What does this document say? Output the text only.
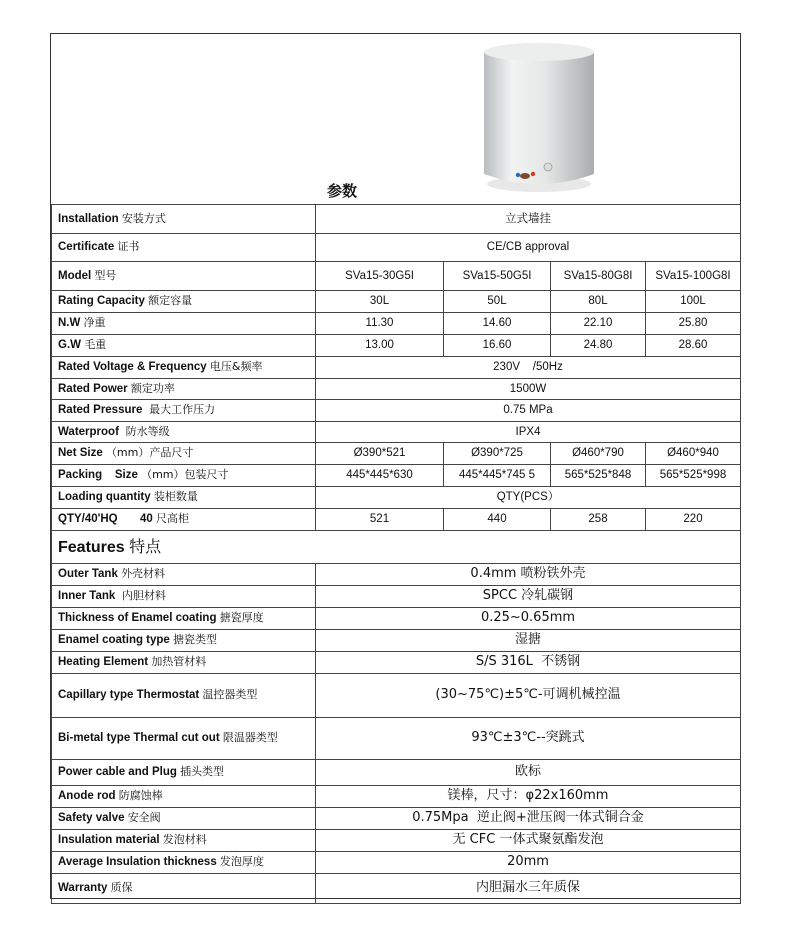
参数
Installation 安装方式	立式墙挂			
Certificate 证书	CE/CB approval			
Model 型号	SVa15-30G5I	SVa15-50G5I	SVa15-80G8I	SVa15-100G8I
Rating Capacity 额定容量	30L	50L	80L	100L
N.W 净重	11.30	14.60	22.10	25.80
G.W 毛重	13.00	16.60	24.80	28.60
Rated Voltage & Frequency 电压&频率	230V    /50Hz			
Rated Power 额定功率	1500W			
Rated Pressure  最大工作压力	0.75 MPa			
Waterproof  防水等级	IPX4			
Net Size （mm）产品尺寸	Ø390*521	Ø390*725	Ø460*790	Ø460*940
Packing    Size （mm）包装尺寸	445*445*630	445*445*745 5	565*525*848	565*525*998
Loading quantity 装柜数量	QTY(PCS）			
QTY/40'HQ       40 尺高柜	521	440	258	220
Features 特点				
Outer Tank 外壳材料	0.4mm 喷粉铁外壳			
Inner Tank  内胆材料	SPCC 冷轧碳钢			
Thickness of Enamel coating 搪瓷厚度	0.25~0.65mm			
Enamel coating type 搪瓷类型	湿搪			
Heating Element 加热管材料	S/S 316L  不锈钢			
Capillary type Thermostat 温控器类型	(30~75℃)±5℃-可调机械控温			
Bi-metal type Thermal cut out 限温器类型	93℃±3℃--突跳式			
Power cable and Plug 插头类型	欧标			
Anode rod 防腐蚀棒	镁棒，尺寸：φ22x160mm			
Safety valve 安全阀	0.75Mpa  逆止阀+泄压阀一体式铜合金			
Insulation material 发泡材料	无 CFC 一体式聚氨酯发泡			
Average Insulation thickness 发泡厚度	20mm			
Warranty 质保	内胆漏水三年质保			
